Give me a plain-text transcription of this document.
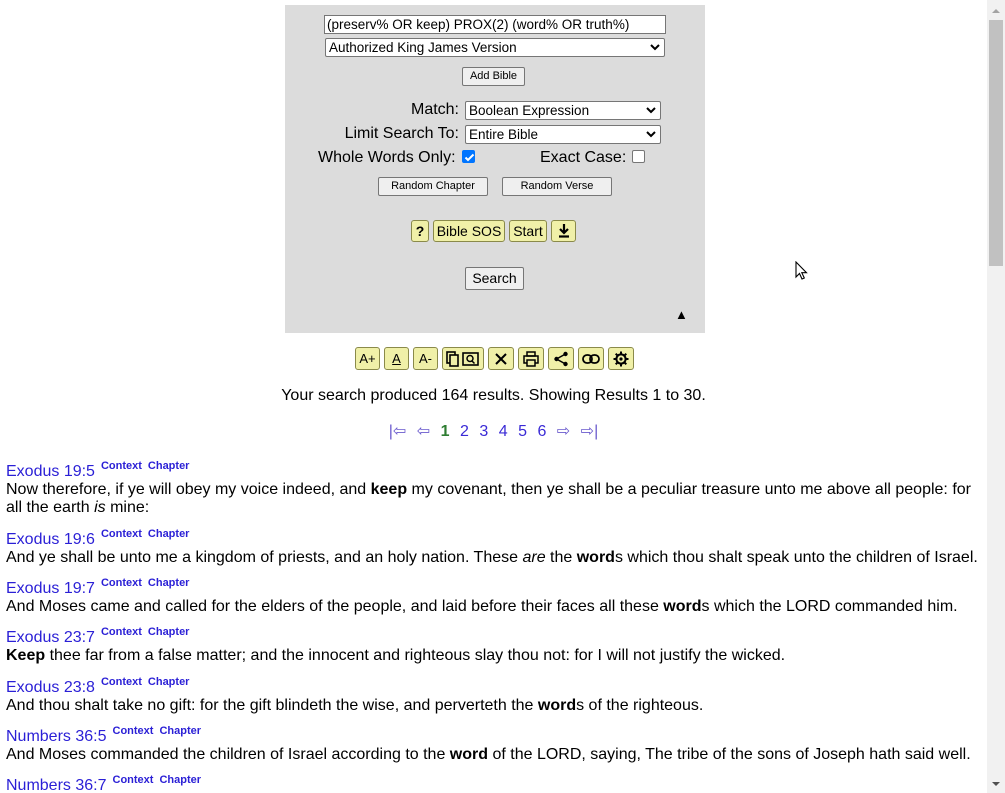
(preserv% OR keep) PROX(2) (word% OR truth%)
Authorized King James Version
Add Bible
Match: Boolean Expression
Limit Search To: Entire Bible
Whole Words Only:	Exact Case:
Random Chapter	Random Verse
? Bible SOS Start
Search
▲
A+	A	A-
Your search produced 164 results. Showing Results 1 to 30.
|⇦ ⇦ 1 2 3 4 5 6 ⇨ ⇨|
Exodus 19:5 $^{Context}$ $^{Chapter}$
Now therefore, if ye will obey my voice indeed, and keep my covenant, then ye shall be a peculiar treasure unto me above all people: for all the earth is mine:
Exodus 19:6 $^{Context}$ $^{Chapter}$
And ye shall be unto me a kingdom of priests, and an holy nation. These are the words which thou shalt speak unto the children of Israel.
Exodus 19:7 $^{Context}$ $^{Chapter}$
And Moses came and called for the elders of the people, and laid before their faces all these words which the LORD commanded him.
Exodus 23:7 $^{Context}$ $^{Chapter}$
Keep thee far from a false matter; and the innocent and righteous slay thou not: for I will not justify the wicked.
Exodus 23:8 $^{Context}$ $^{Chapter}$
And thou shalt take no gift: for the gift blindeth the wise, and perverteth the words of the righteous.
Numbers 36:5 $^{Context}$ $^{Chapter}$
And Moses commanded the children of Israel according to the word of the LORD, saying, The tribe of the sons of Joseph hath said well.
Numbers 36:7 $^{Context}$ $^{Chapter}$
